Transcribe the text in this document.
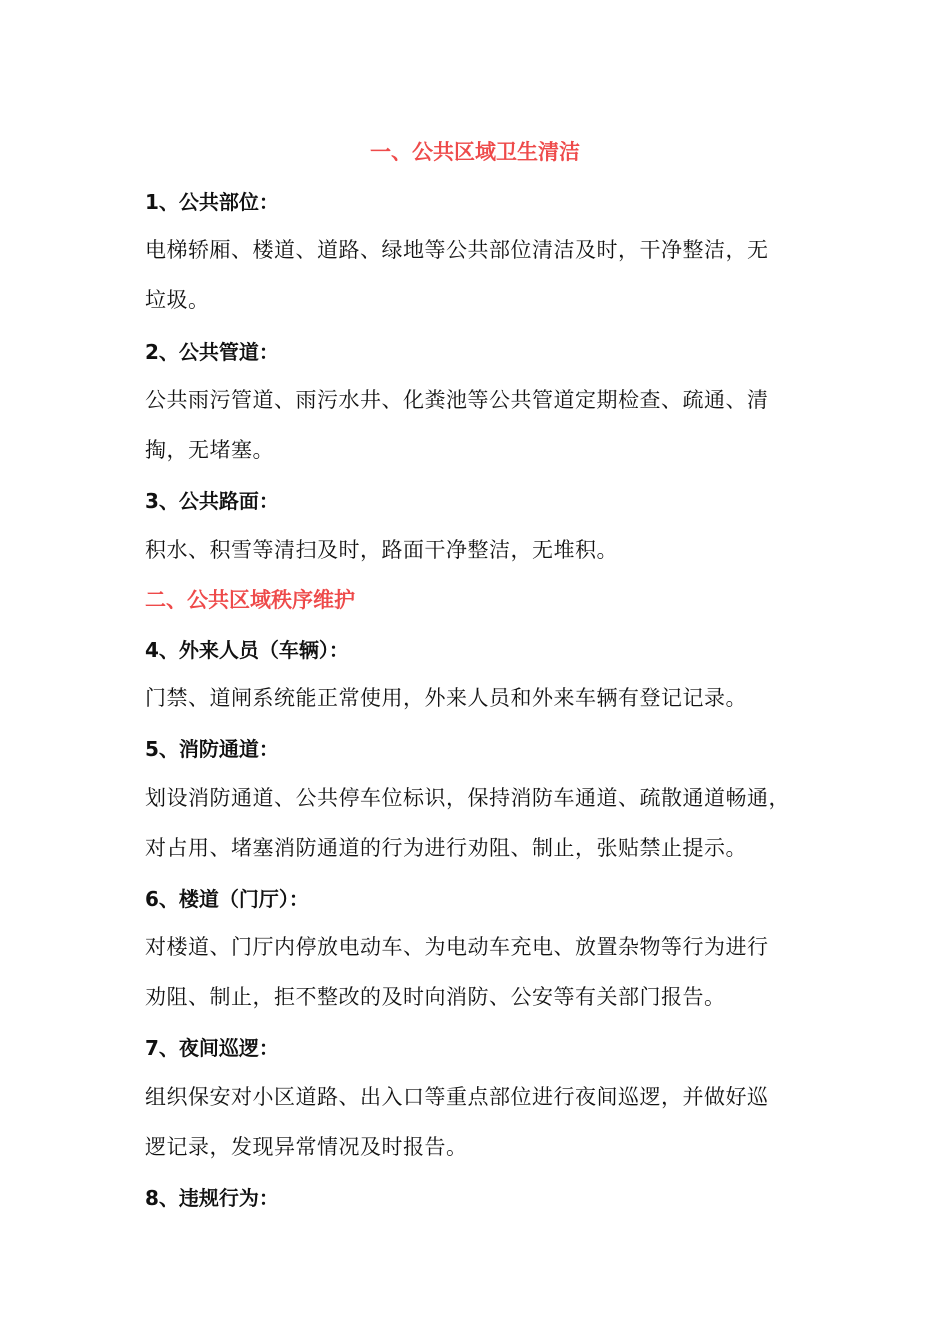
一、公共区域卫生清洁
1、公共部位：
电梯轿厢、楼道、道路、绿地等公共部位清洁及时，干净整洁，无
垃圾。
2、公共管道：
公共雨污管道、雨污水井、化粪池等公共管道定期检查、疏通、清
掏，无堵塞。
3、公共路面：
积水、积雪等清扫及时，路面干净整洁，无堆积。
二、公共区域秩序维护
4、外来人员（车辆）：
门禁、道闸系统能正常使用，外来人员和外来车辆有登记记录。
5、消防通道：
划设消防通道、公共停车位标识，保持消防车通道、疏散通道畅通，
对占用、堵塞消防通道的行为进行劝阻、制止，张贴禁止提示。
6、楼道（门厅）：
对楼道、门厅内停放电动车、为电动车充电、放置杂物等行为进行
劝阻、制止，拒不整改的及时向消防、公安等有关部门报告。
7、夜间巡逻：
组织保安对小区道路、出入口等重点部位进行夜间巡逻，并做好巡
逻记录，发现异常情况及时报告。
8、违规行为：
